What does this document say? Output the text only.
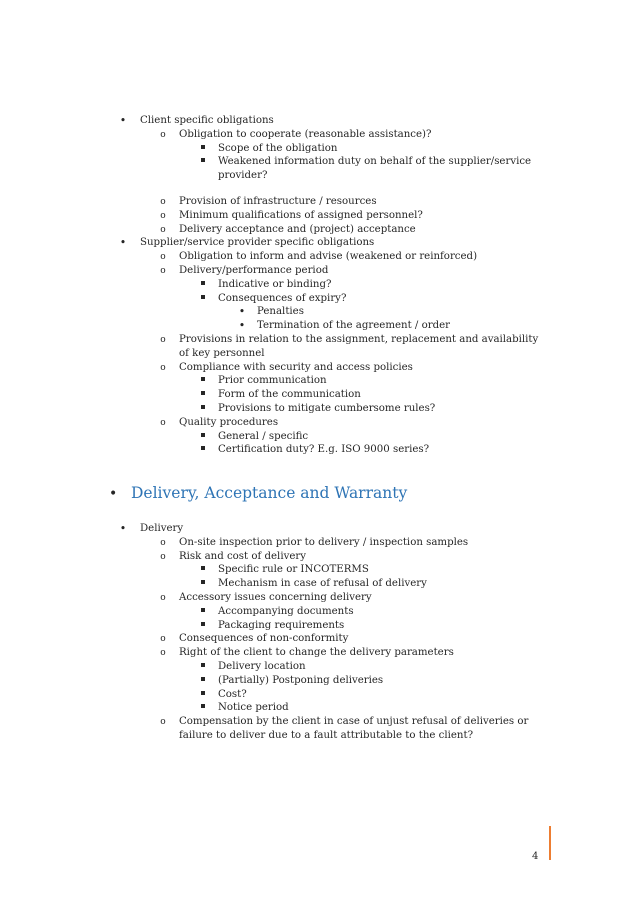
•
Client specific obligations
o
Obligation to cooperate (reasonable assistance)?
Scope of the obligation
Weakened information duty on behalf of the supplier/service provider?
o
Provision of infrastructure / resources
o
Minimum qualifications of assigned personnel?
o
Delivery acceptance and (project) acceptance
•
Supplier/service provider specific obligations
o
Obligation to inform and advise (weakened or reinforced)
o
Delivery/performance period
Indicative or binding?
Consequences of expiry?
•
Penalties
•
Termination of the agreement / order
o
Provisions in relation to the assignment, replacement and availability of key personnel
o
Compliance with security and access policies
Prior communication
Form of the communication
Provisions to mitigate cumbersome rules?
o
Quality procedures
General / specific
Certification duty? E.g. ISO 9000 series?
• Delivery, Acceptance and Warranty
•
Delivery
o
On-site inspection prior to delivery / inspection samples
o
Risk and cost of delivery
Specific rule or INCOTERMS
Mechanism in case of refusal of delivery
o
Accessory issues concerning delivery
Accompanying documents
Packaging requirements
o
Consequences of non-conformity
o
Right of the client to change the delivery parameters
Delivery location
(Partially) Postponing deliveries
Cost?
Notice period
o
Compensation by the client in case of unjust refusal of deliveries or failure to deliver due to a fault attributable to the client?
4
